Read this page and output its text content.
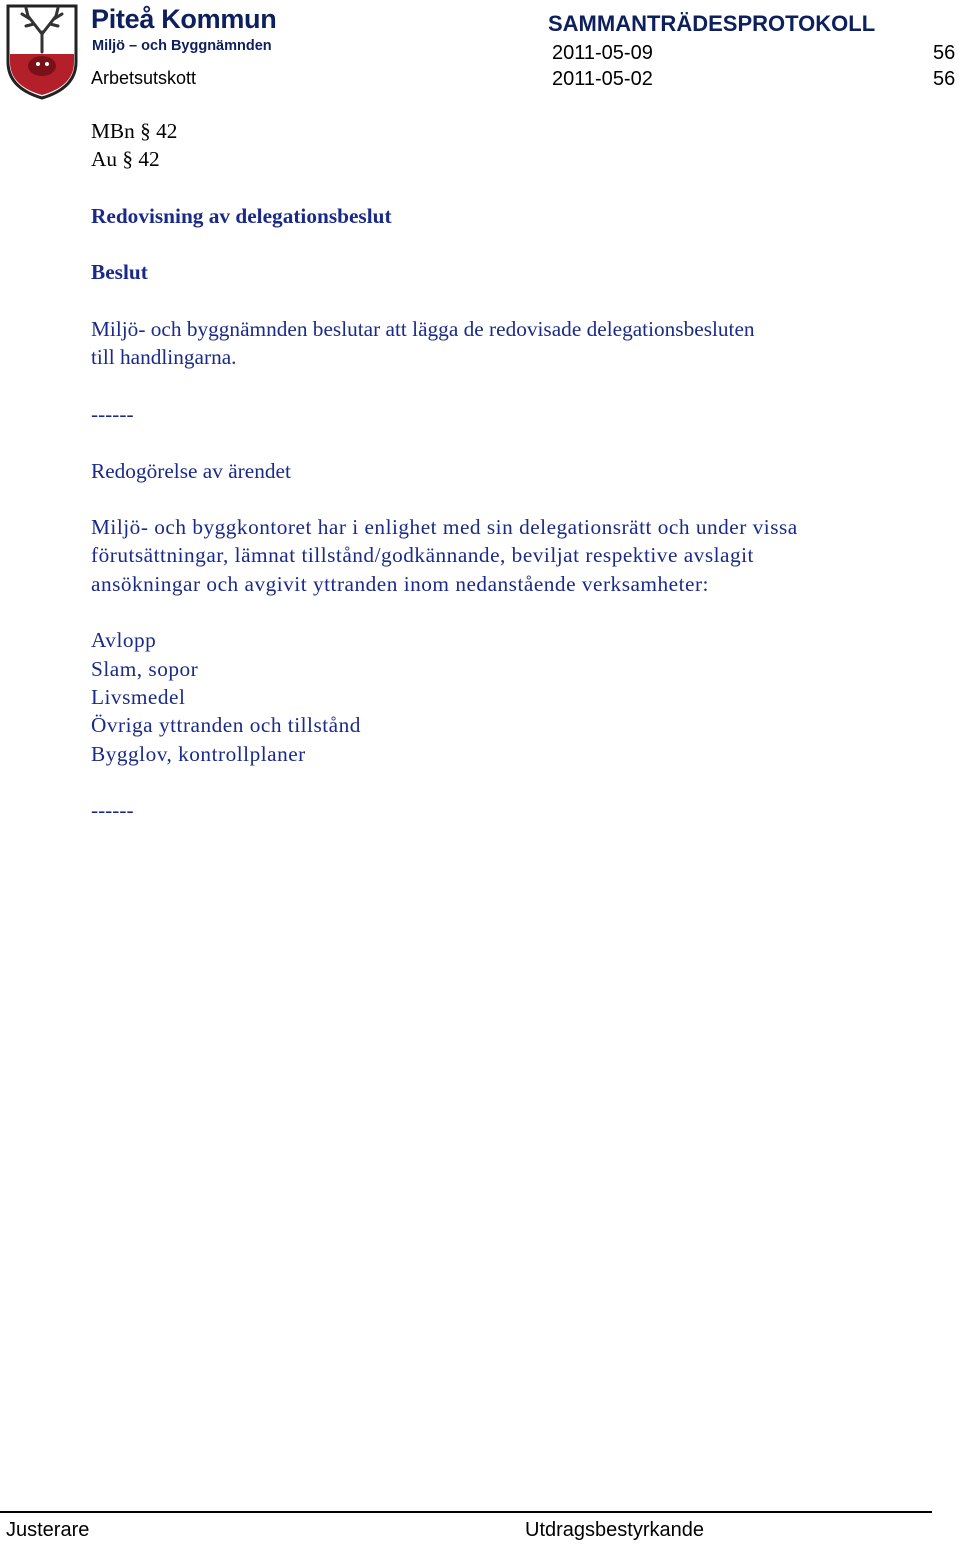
Piteå Kommun
Miljö – och Byggnämnden
Arbetsutskott
SAMMANTRÄDESPROTOKOLL
2011-05-09	56
2011-05-02	56

MBn § 42

Au § 42

Redovisning av delegationsbeslut

Beslut

Miljö- och byggnämnden beslutar att lägga de redovisade delegationsbesluten

till handlingarna.

------

Redogörelse av ärendet

Miljö- och byggkontoret har i enlighet med sin delegationsrätt och under vissa

förutsättningar, lämnat tillstånd/godkännande, beviljat respektive avslagit

ansökningar och avgivit yttranden inom nedanstående verksamheter:

Avlopp

Slam, sopor

Livsmedel

Övriga yttranden och tillstånd

Bygglov, kontrollplaner

------

Justerare	Utdragsbestyrkande
